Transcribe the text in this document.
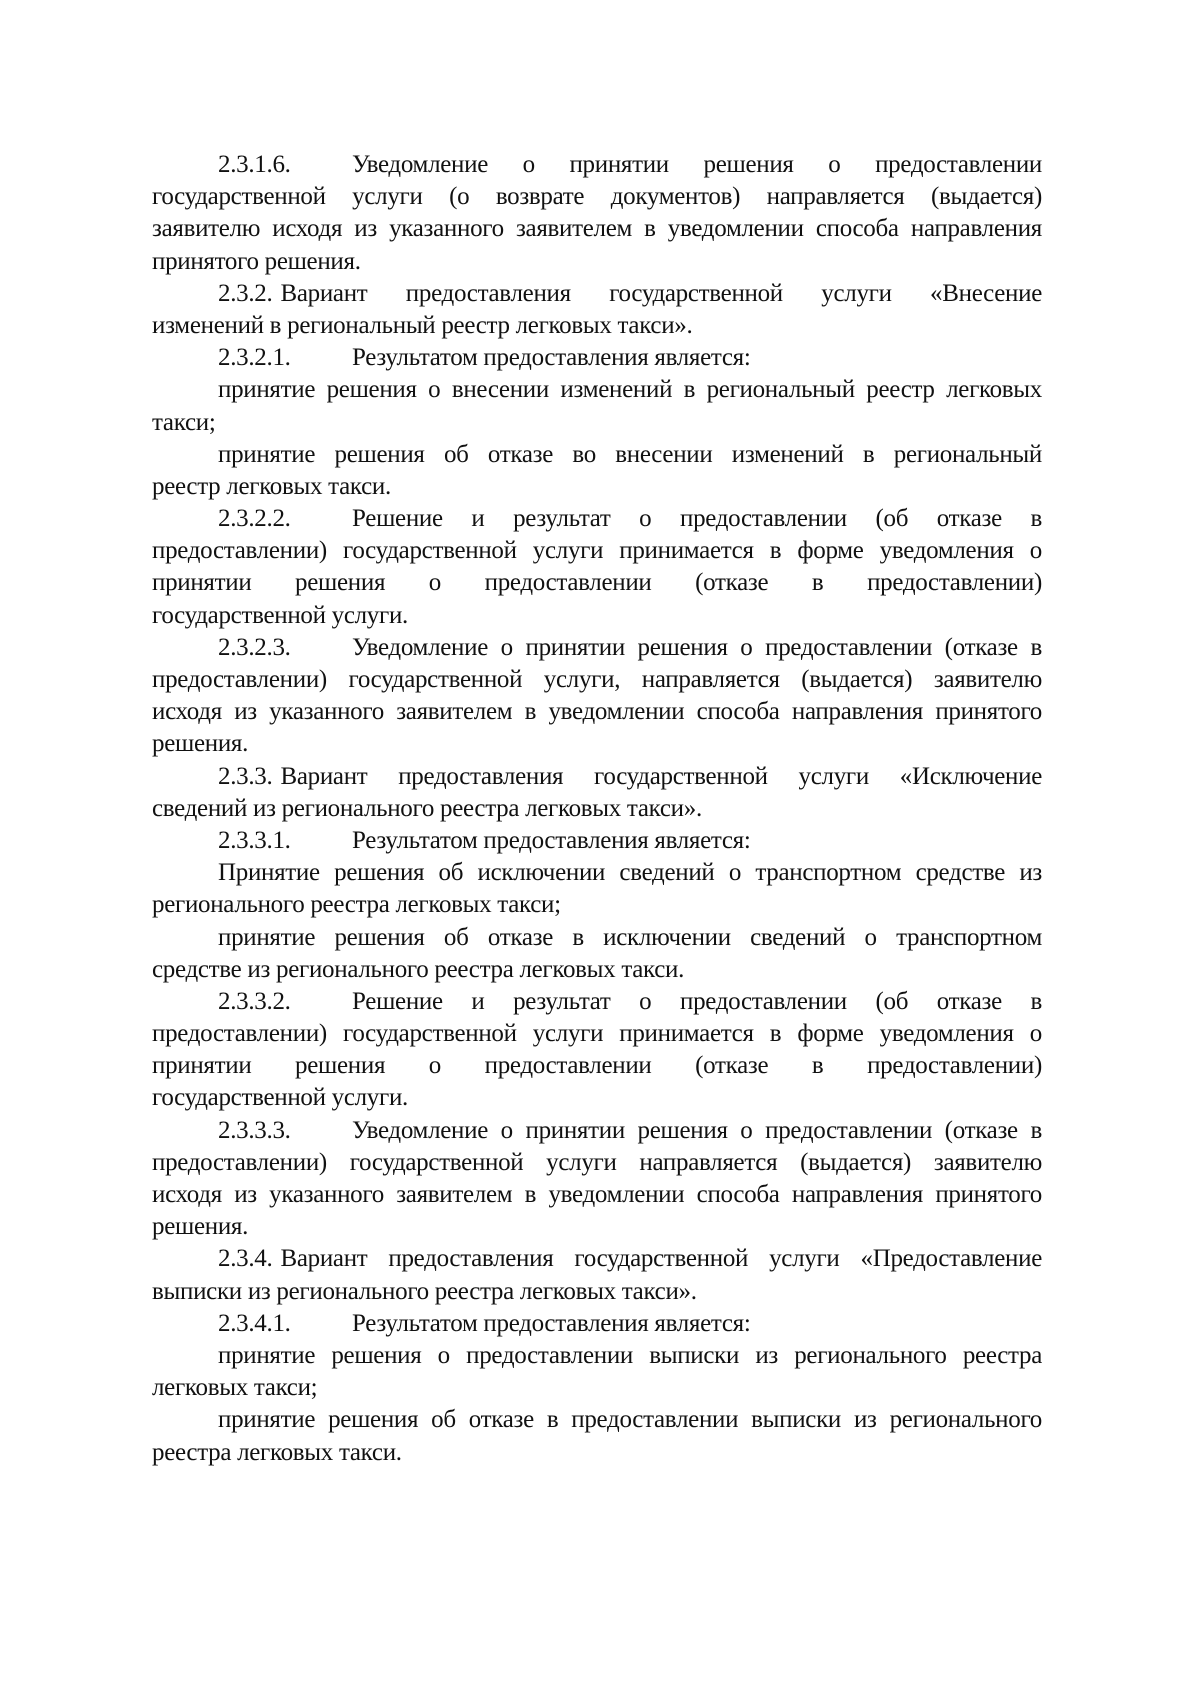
2.3.1.6.	Уведомление о принятии решения о предоставлении
государственной услуги (о возврате документов) направляется (выдается)
заявителю исходя из указанного заявителем в уведомлении способа направления
принятого решения.
2.3.2. Вариант предоставления государственной услуги «Внесение
изменений в региональный реестр легковых такси».
2.3.2.1.	Результатом предоставления является:
принятие решения о внесении изменений в региональный реестр легковых
такси;
принятие решения об отказе во внесении изменений в региональный
реестр легковых такси.
2.3.2.2.	Решение и результат о предоставлении (об отказе в
предоставлении) государственной услуги принимается в форме уведомления о
принятии решения о предоставлении (отказе в предоставлении)
государственной услуги.
2.3.2.3.	Уведомление о принятии решения о предоставлении (отказе в
предоставлении) государственной услуги, направляется (выдается) заявителю
исходя из указанного заявителем в уведомлении способа направления принятого
решения.
2.3.3. Вариант предоставления государственной услуги «Исключение
сведений из регионального реестра легковых такси».
2.3.3.1.	Результатом предоставления является:
Принятие решения об исключении сведений о транспортном средстве из
регионального реестра легковых такси;
принятие решения об отказе в исключении сведений о транспортном
средстве из регионального реестра легковых такси.
2.3.3.2.	Решение и результат о предоставлении (об отказе в
предоставлении) государственной услуги принимается в форме уведомления о
принятии решения о предоставлении (отказе в предоставлении)
государственной услуги.
2.3.3.3.	Уведомление о принятии решения о предоставлении (отказе в
предоставлении) государственной услуги направляется (выдается) заявителю
исходя из указанного заявителем в уведомлении способа направления принятого
решения.
2.3.4. Вариант предоставления государственной услуги «Предоставление
выписки из регионального реестра легковых такси».
2.3.4.1.	Результатом предоставления является:
принятие решения о предоставлении выписки из регионального реестра
легковых такси;
принятие решения об отказе в предоставлении выписки из регионального
реестра легковых такси.
